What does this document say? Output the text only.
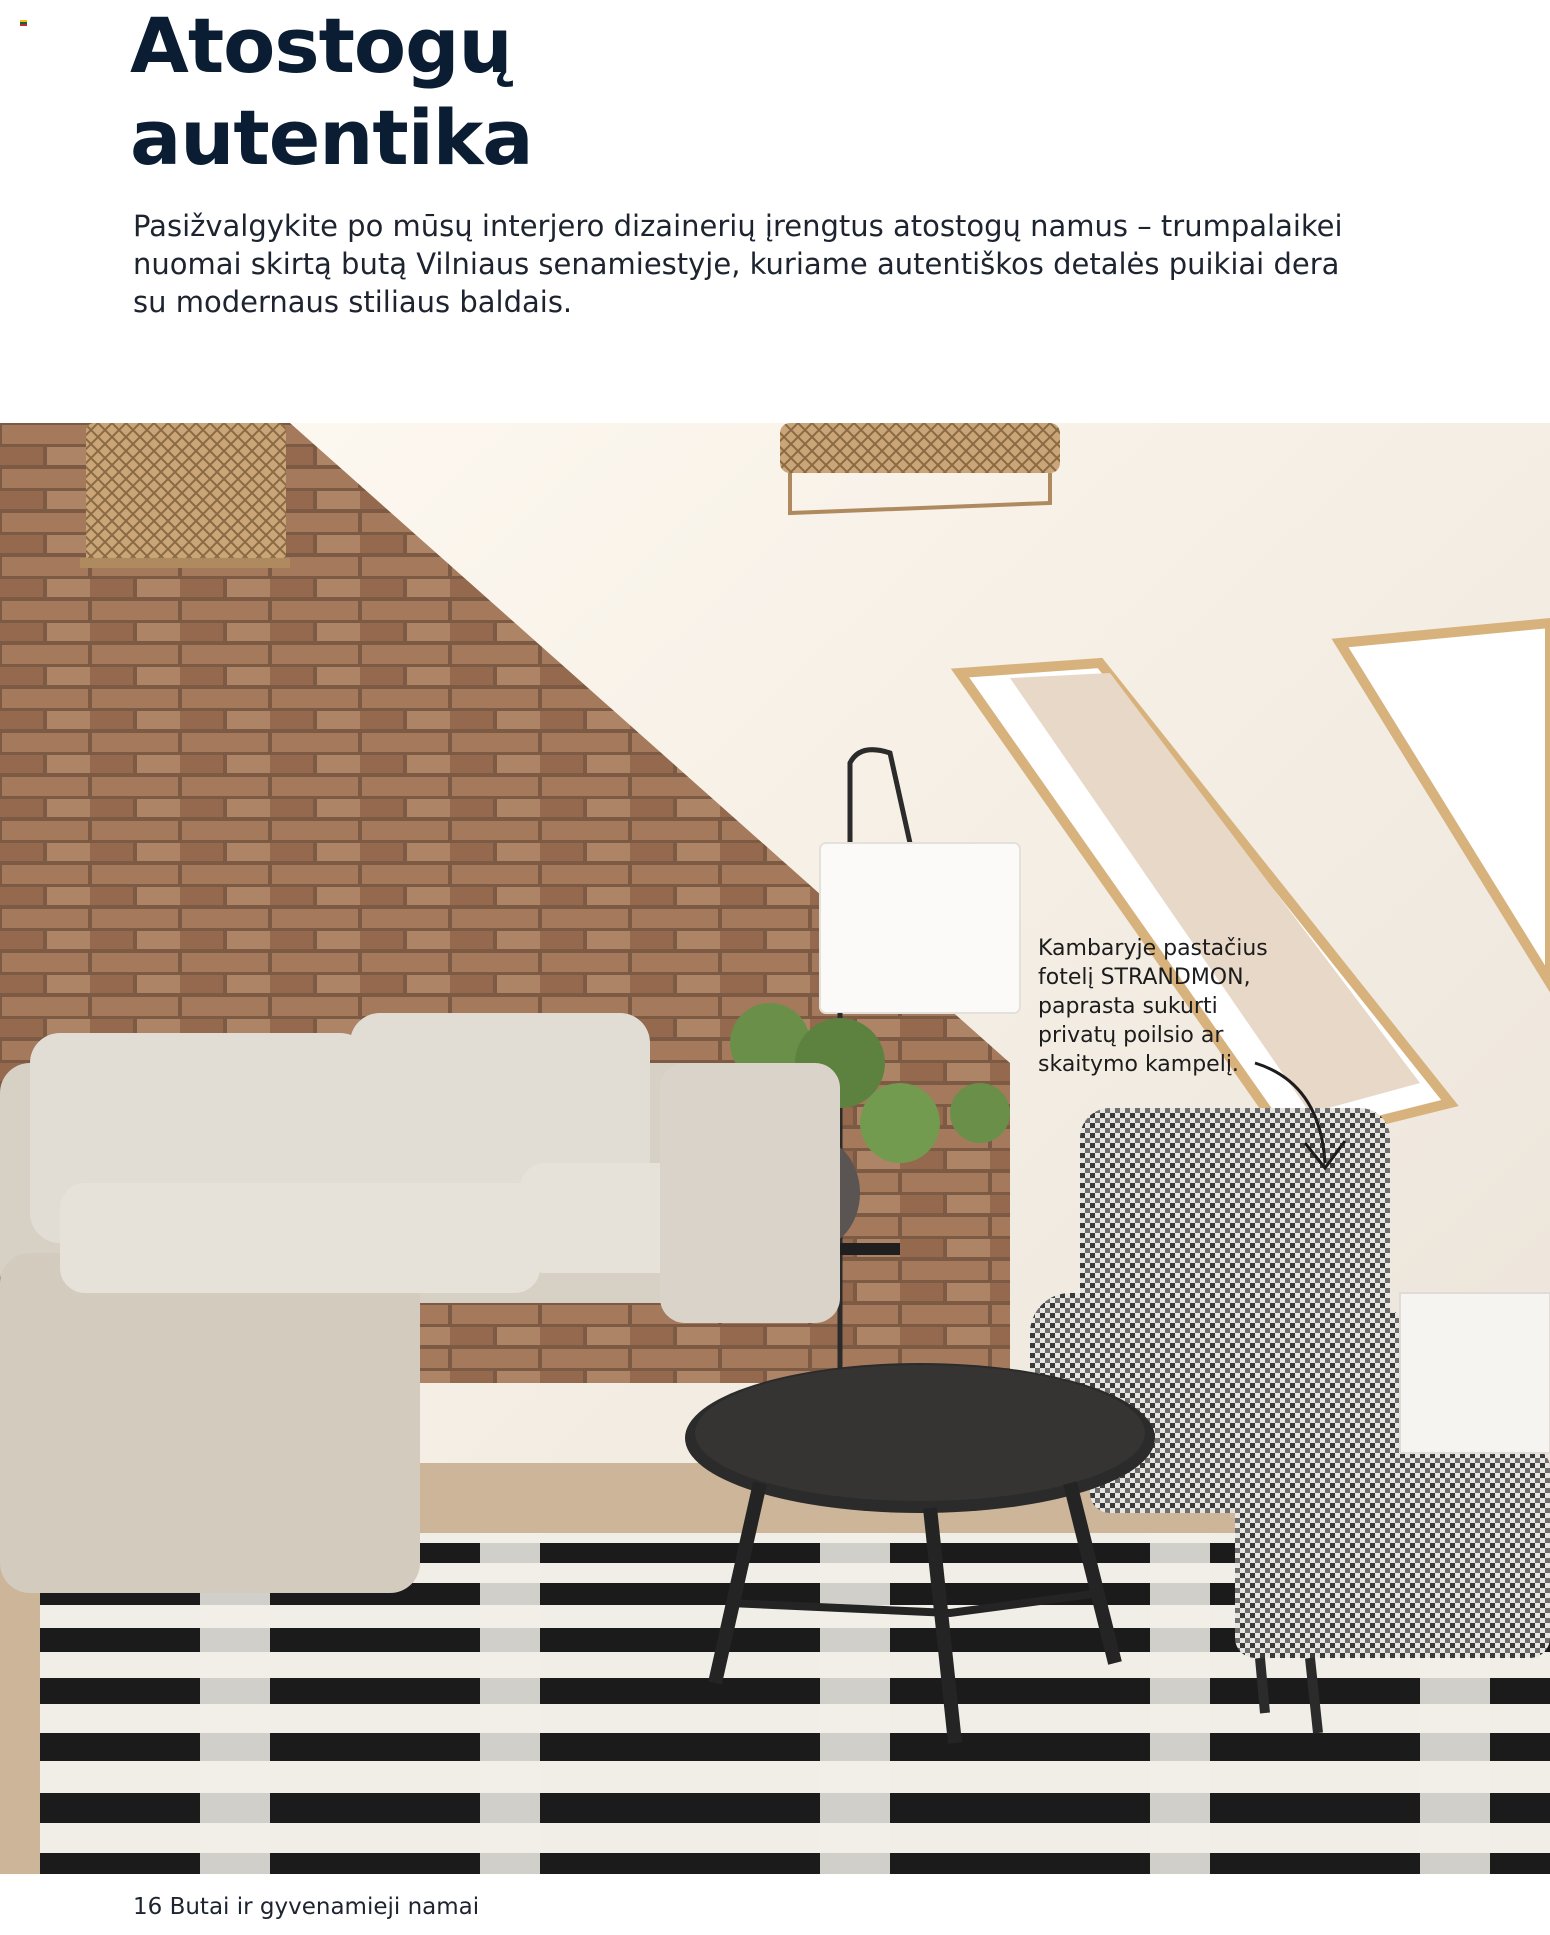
Atostogų
autentika

Pasižvalgykite po mūsų interjero dizainerių įrengtus atostogų namus – trumpalaikei
nuomai skirtą butą Vilniaus senamiestyje, kuriame autentiškos detalės puikiai dera
su modernaus stiliaus baldais.

Kambaryje pastačius
fotelį STRANDMON,
paprasta sukurti
privatų poilsio ar
skaitymo kampelį.

16 Butai ir gyvenamieji namai
